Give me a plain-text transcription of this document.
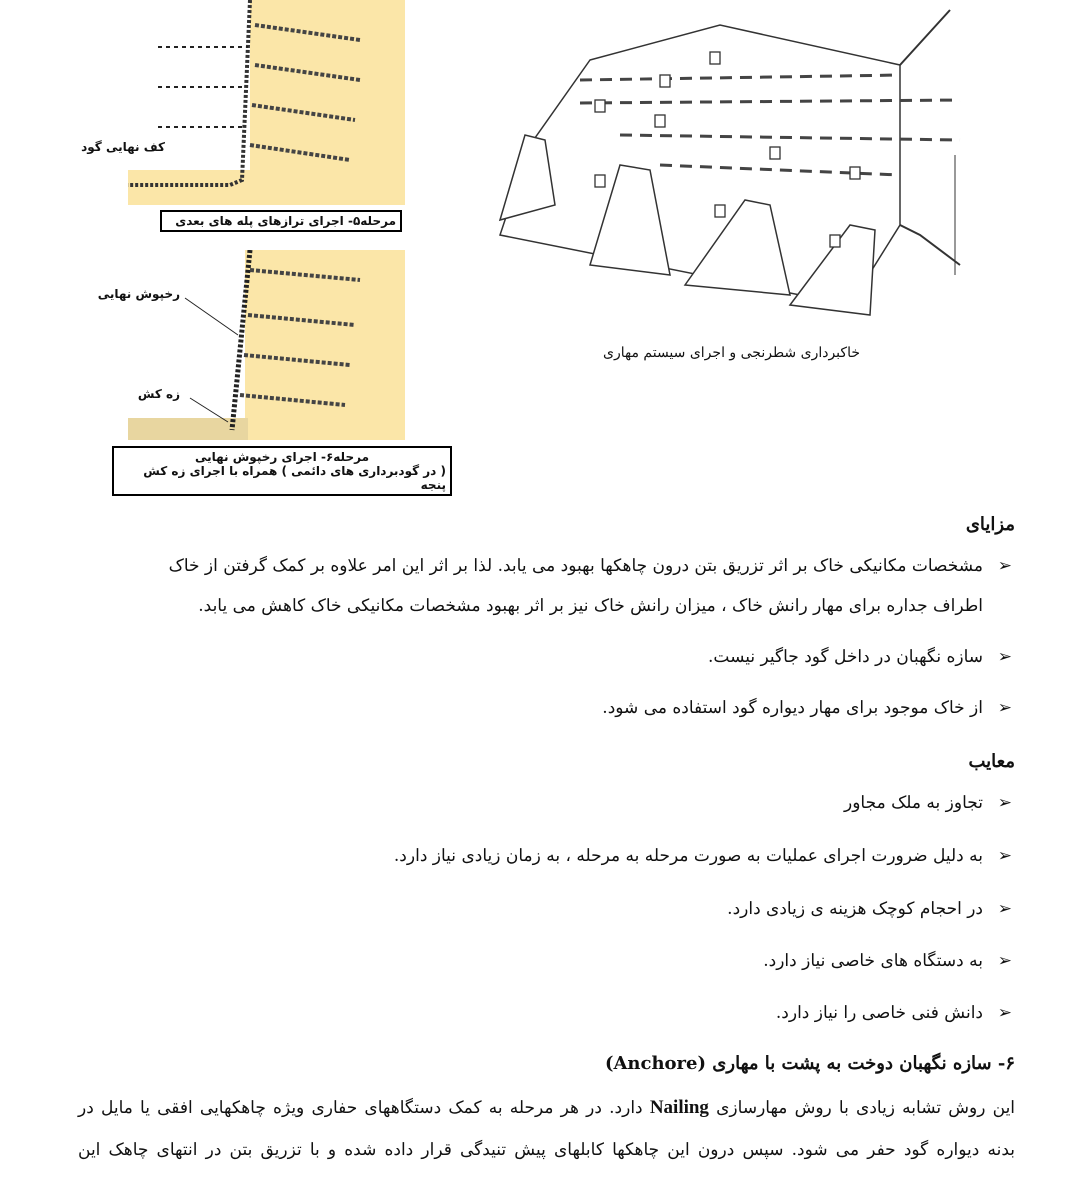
کف نهایی گود
مرحله۵- اجرای ترازهای پله های بعدی
رخپوش نهایی
زه کش
مرحله۶- اجرای رخپوش نهایی
( در گودبرداری های دائمی ) همراه با اجرای زه کش پنجه
خاکبرداری شطرنجی و اجرای سیستم مهاری
مزایای
➢
مشخصات مکانیکی خاک بر اثر تزریق بتن درون چاهکها بهبود می یابد. لذا بر اثر این امر علاوه بر کمک گرفتن از خاک
اطراف جداره برای مهار رانش خاک ، میزان رانش خاک نیز بر اثر بهبود مشخصات مکانیکی خاک کاهش می یابد.
➢
سازه نگهبان در داخل گود جاگیر نیست.
➢
از خاک موجود برای مهار دیواره گود استفاده می شود.
معایب
➢
تجاوز به ملک مجاور
➢
به دلیل ضرورت اجرای عملیات به صورت مرحله به مرحله ، به زمان زیادی نیاز دارد.
➢
در احجام کوچک هزینه ی زیادی دارد.
➢
به دستگاه های خاصی نیاز دارد.
➢
دانش فنی خاصی را نیاز دارد.
۶- سازه نگهبان دوخت به پشت با مهاری (Anchore)
این روش تشابه زیادی با روش مهارسازی Nailing دارد. در هر مرحله به کمک دستگاههای حفاری ویژه چاهکهایی افقی یا مایل در
بدنه دیواره گود حفر می شود. سپس درون این چاهکها کابلهای پیش تنیدگی قرار داده شده و با تزریق بتن در انتهای چاهک این
